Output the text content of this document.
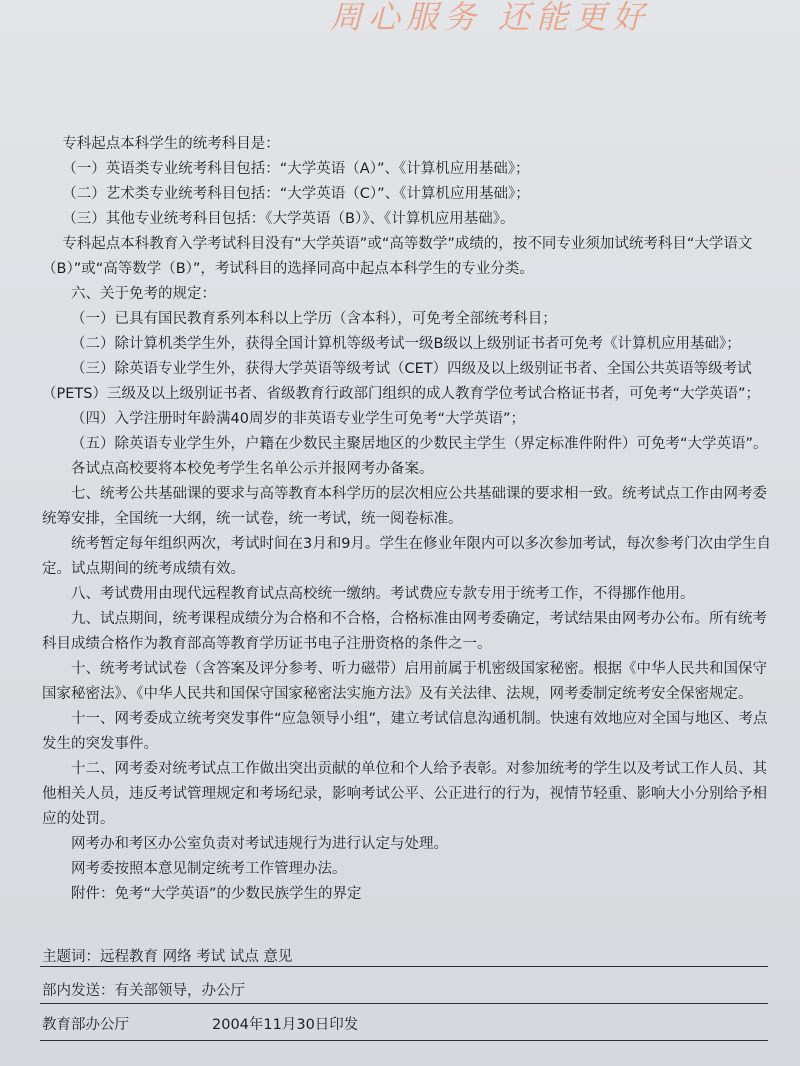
周心服务 还能更好

专科起点本科学生的统考科目是：

（一）英语类专业统考科目包括：“大学英语（A）”、《计算机应用基础》；

（二）艺术类专业统考科目包括：“大学英语（C）”、《计算机应用基础》；

（三）其他专业统考科目包括：《大学英语（B）》、《计算机应用基础》。

专科起点本科教育入学考试科目没有“大学英语”或“高等数学”成绩的，按不同专业须加试统考科目“大学语文（B）”或“高等数学（B）”，考试科目的选择同高中起点本科学生的专业分类。

六、关于免考的规定：

（一）已具有国民教育系列本科以上学历（含本科），可免考全部统考科目；

（二）除计算机类学生外，获得全国计算机等级考试一级B级以上级别证书者可免考《计算机应用基础》；

（三）除英语专业学生外，获得大学英语等级考试（CET）四级及以上级别证书者、全国公共英语等级考试（PETS）三级及以上级别证书者、省级教育行政部门组织的成人教育学位考试合格证书者，可免考“大学英语”；

（四）入学注册时年龄满40周岁的非英语专业学生可免考“大学英语”；

（五）除英语专业学生外，户籍在少数民主聚居地区的少数民主学生（界定标准件附件）可免考“大学英语”。

各试点高校要将本校免考学生名单公示并报网考办备案。

七、统考公共基础课的要求与高等教育本科学历的层次相应公共基础课的要求相一致。统考试点工作由网考委统筹安排，全国统一大纲，统一试卷，统一考试，统一阅卷标准。

统考暂定每年组织两次，考试时间在3月和9月。学生在修业年限内可以多次参加考试，每次参考门次由学生自定。试点期间的统考成绩有效。

八、考试费用由现代远程教育试点高校统一缴纳。考试费应专款专用于统考工作，不得挪作他用。

九、试点期间，统考课程成绩分为合格和不合格，合格标准由网考委确定，考试结果由网考办公布。所有统考科目成绩合格作为教育部高等教育学历证书电子注册资格的条件之一。

十、统考考试试卷（含答案及评分参考、听力磁带）启用前属于机密级国家秘密。根据《中华人民共和国保守国家秘密法》、《中华人民共和国保守国家秘密法实施方法》及有关法律、法规，网考委制定统考安全保密规定。

十一、网考委成立统考突发事件“应急领导小组”，建立考试信息沟通机制。快速有效地应对全国与地区、考点发生的突发事件。

十二、网考委对统考试点工作做出突出贡献的单位和个人给予表彰。对参加统考的学生以及考试工作人员、其他相关人员，违反考试管理规定和考场纪录，影响考试公平、公正进行的行为，视情节轻重、影响大小分别给予相应的处罚。

网考办和考区办公室负责对考试违规行为进行认定与处理。

网考委按照本意见制定统考工作管理办法。

附件：免考“大学英语”的少数民族学生的界定

主题词：远程教育 网络 考试 试点 意见
部内发送：有关部领导，办公厅
教育部办公厅	2004年11月30日印发
